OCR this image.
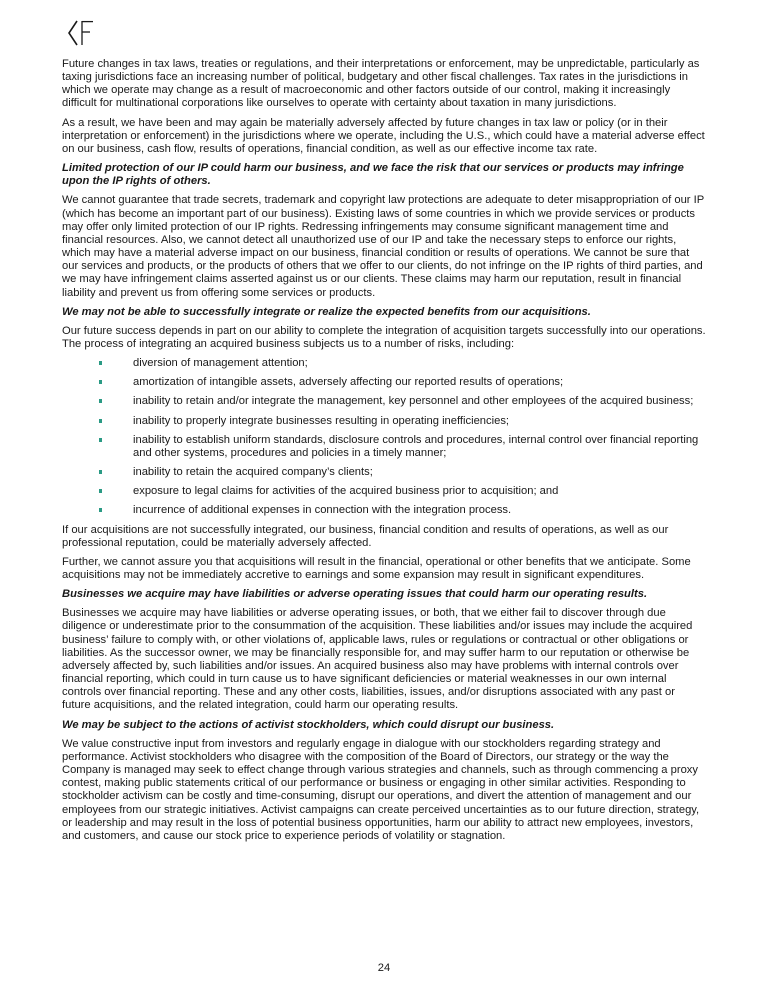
Future changes in tax laws, treaties or regulations, and their interpretations or enforcement, may be unpredictable, particularly as taxing jurisdictions face an increasing number of political, budgetary and other fiscal challenges. Tax rates in the jurisdictions in which we operate may change as a result of macroeconomic and other factors outside of our control, making it increasingly difficult for multinational corporations like ourselves to operate with certainty about taxation in many jurisdictions.

As a result, we have been and may again be materially adversely affected by future changes in tax law or policy (or in their interpretation or enforcement) in the jurisdictions where we operate, including the U.S., which could have a material adverse effect on our business, cash flow, results of operations, financial condition, as well as our effective income tax rate.

Limited protection of our IP could harm our business, and we face the risk that our services or products may infringe upon the IP rights of others.

We cannot guarantee that trade secrets, trademark and copyright law protections are adequate to deter misappropriation of our IP (which has become an important part of our business). Existing laws of some countries in which we provide services or products may offer only limited protection of our IP rights. Redressing infringements may consume significant management time and financial resources. Also, we cannot detect all unauthorized use of our IP and take the necessary steps to enforce our rights, which may have a material adverse impact on our business, financial condition or results of operations. We cannot be sure that our services and products, or the products of others that we offer to our clients, do not infringe on the IP rights of third parties, and we may have infringement claims asserted against us or our clients. These claims may harm our reputation, result in financial liability and prevent us from offering some services or products.

We may not be able to successfully integrate or realize the expected benefits from our acquisitions.

Our future success depends in part on our ability to complete the integration of acquisition targets successfully into our operations. The process of integrating an acquired business subjects us to a number of risks, including:

diversion of management attention;
amortization of intangible assets, adversely affecting our reported results of operations;
inability to retain and/or integrate the management, key personnel and other employees of the acquired business;
inability to properly integrate businesses resulting in operating inefficiencies;
inability to establish uniform standards, disclosure controls and procedures, internal control over financial reporting and other systems, procedures and policies in a timely manner;
inability to retain the acquired company’s clients;
exposure to legal claims for activities of the acquired business prior to acquisition; and
incurrence of additional expenses in connection with the integration process.

If our acquisitions are not successfully integrated, our business, financial condition and results of operations, as well as our professional reputation, could be materially adversely affected.

Further, we cannot assure you that acquisitions will result in the financial, operational or other benefits that we anticipate. Some acquisitions may not be immediately accretive to earnings and some expansion may result in significant expenditures.

Businesses we acquire may have liabilities or adverse operating issues that could harm our operating results.

Businesses we acquire may have liabilities or adverse operating issues, or both, that we either fail to discover through due diligence or underestimate prior to the consummation of the acquisition. These liabilities and/or issues may include the acquired business’ failure to comply with, or other violations of, applicable laws, rules or regulations or contractual or other obligations or liabilities. As the successor owner, we may be financially responsible for, and may suffer harm to our reputation or otherwise be adversely affected by, such liabilities and/or issues. An acquired business also may have problems with internal controls over financial reporting, which could in turn cause us to have significant deficiencies or material weaknesses in our own internal controls over financial reporting. These and any other costs, liabilities, issues, and/or disruptions associated with any past or future acquisitions, and the related integration, could harm our operating results.

We may be subject to the actions of activist stockholders, which could disrupt our business.

We value constructive input from investors and regularly engage in dialogue with our stockholders regarding strategy and performance. Activist stockholders who disagree with the composition of the Board of Directors, our strategy or the way the Company is managed may seek to effect change through various strategies and channels, such as through commencing a proxy contest, making public statements critical of our performance or business or engaging in other similar activities. Responding to stockholder activism can be costly and time-consuming, disrupt our operations, and divert the attention of management and our employees from our strategic initiatives. Activist campaigns can create perceived uncertainties as to our future direction, strategy, or leadership and may result in the loss of potential business opportunities, harm our ability to attract new employees, investors, and customers, and cause our stock price to experience periods of volatility or stagnation.

24
